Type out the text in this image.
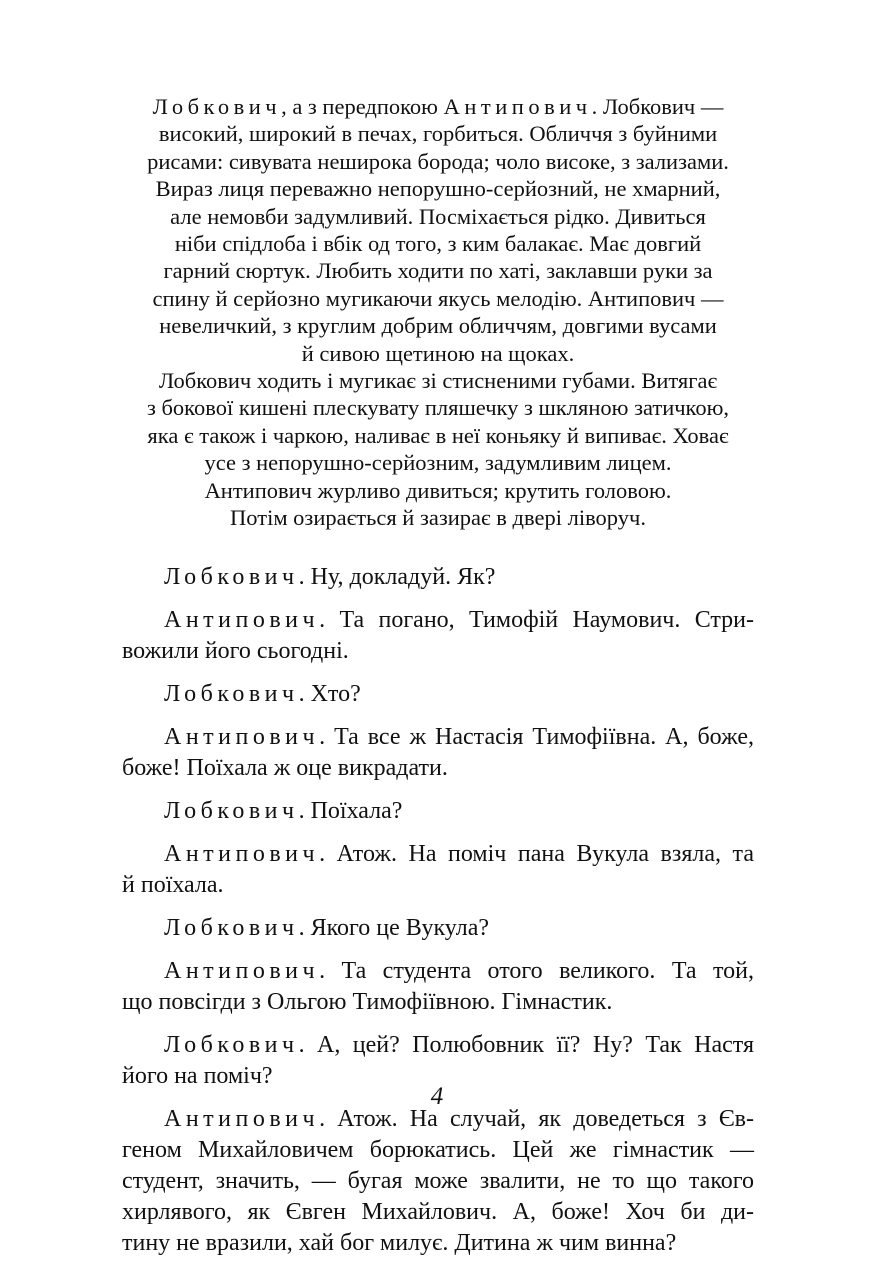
Лобкович, а з передпокою Антипович. Лобкович —
високий, широкий в печах, горбиться. Обличчя з буйними
рисами: сивувата неширока борода; чоло високе, з зализами.
Вираз лиця переважно непорушно-серйозний, не хмарний,
але немовби задумливий. Посміхається рідко. Дивиться
ніби спідлоба і вбік од того, з ким балакає. Має довгий
гарний сюртук. Любить ходити по хаті, заклавши руки за
спину й серйозно мугикаючи якусь мелодію. Антипович —
невеличкий, з круглим добрим обличчям, довгими вусами
й сивою щетиною на щоках.
Лобкович ходить і мугикає зі стисненими губами. Витягає
з бокової кишені плескувату пляшечку з шкляною затичкою,
яка є також і чаркою, наливає в неї коньяку й випиває. Ховає
усе з непорушно-серйозним, задумливим лицем.
Антипович журливо дивиться; крутить головою.
Потім озирається й зазирає в двері ліворуч.

Лобкович. Ну, докладуй. Як?

Антипович. Та погано, Тимофій Наумович. Стри-
вожили його сьогодні.

Лобкович. Хто?

Антипович. Та все ж Настасія Тимофіївна. А, боже,
боже! Поїхала ж оце викрадати.

Лобкович. Поїхала?

Антипович. Атож. На поміч пана Вукула взяла, та
й поїхала.

Лобкович. Якого це Вукула?

Антипович. Та студента отого великого. Та той,
що повсігди з Ольгою Тимофіївною. Гімнастик.

Лобкович. А, цей? Полюбовник її? Ну? Так Настя
його на поміч?

Антипович. Атож. На случай, як доведеться з Єв-
геном Михайловичем борюкатись. Цей же гімнастик —
студент, значить, — бугая може звалити, не то що такого
хирлявого, як Євген Михайлович. А, боже! Хоч би ди-
тину не вразили, хай бог милує. Дитина ж чим винна?

4
